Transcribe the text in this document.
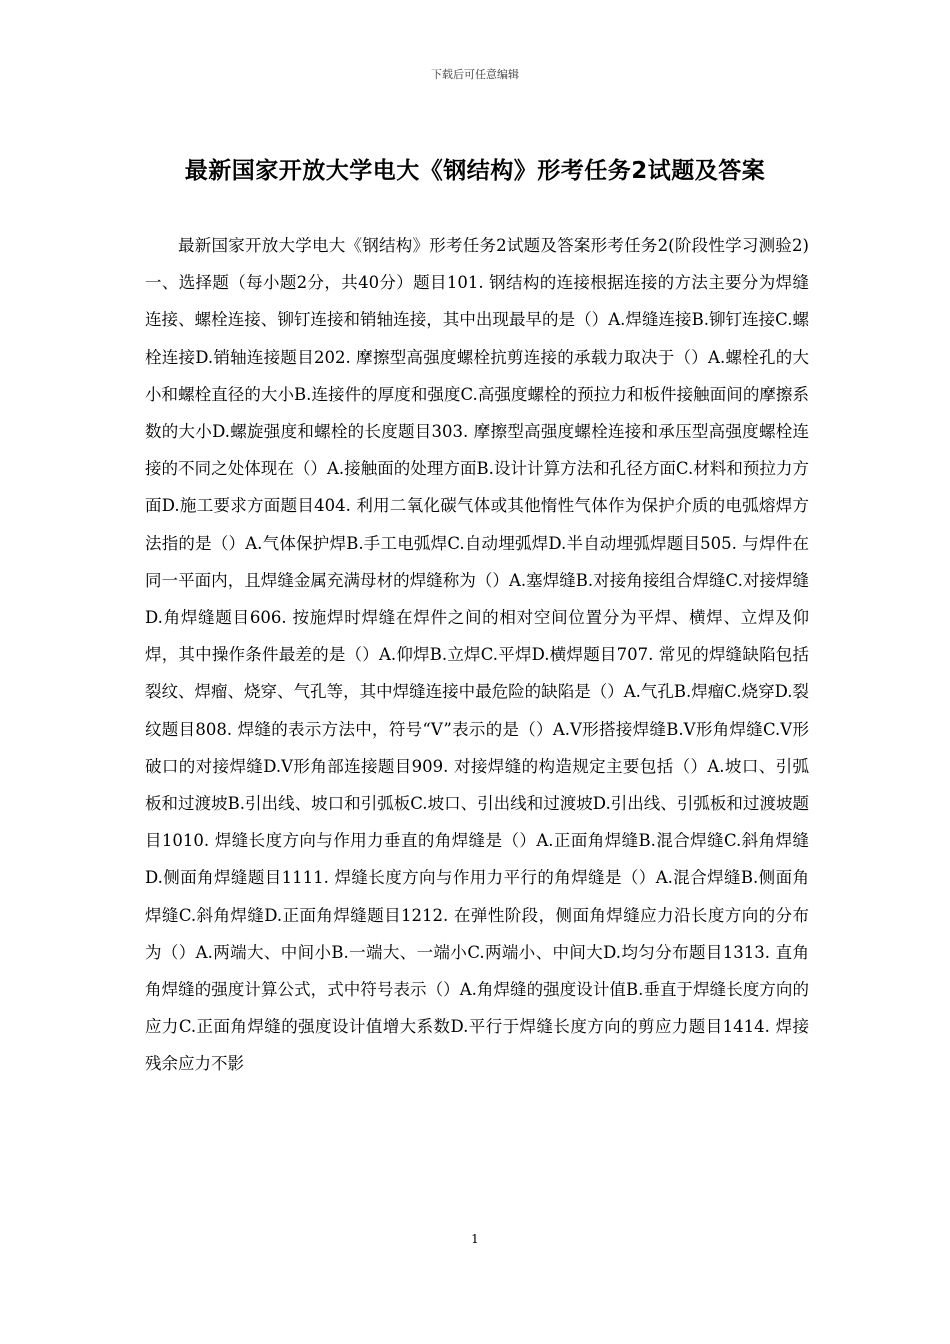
下载后可任意编辑
最新国家开放大学电大《钢结构》形考任务2试题及答案

最新国家开放大学电大《钢结构》形考任务2试题及答案形考任务2(阶段性学习测验2)一、选择题（每小题2分，共40分）题目101. 钢结构的连接根据连接的方法主要分为焊缝连接、螺栓连接、铆钉连接和销轴连接，其中出现最早的是（）A.焊缝连接B.铆钉连接C.螺栓连接D.销轴连接题目202. 摩擦型高强度螺栓抗剪连接的承载力取决于（）A.螺栓孔的大小和螺栓直径的大小B.连接件的厚度和强度C.高强度螺栓的预拉力和板件接触面间的摩擦系数的大小D.螺旋强度和螺栓的长度题目303. 摩擦型高强度螺栓连接和承压型高强度螺栓连接的不同之处体现在（）A.接触面的处理方面B.设计计算方法和孔径方面C.材料和预拉力方面D.施工要求方面题目404. 利用二氧化碳气体或其他惰性气体作为保护介质的电弧熔焊方法指的是（）A.气体保护焊B.手工电弧焊C.自动埋弧焊D.半自动埋弧焊题目505. 与焊件在同一平面内，且焊缝金属充满母材的焊缝称为（）A.塞焊缝B.对接角接组合焊缝C.对接焊缝D.角焊缝题目606. 按施焊时焊缝在焊件之间的相对空间位置分为平焊、横焊、立焊及仰焊，其中操作条件最差的是（）A.仰焊B.立焊C.平焊D.横焊题目707. 常见的焊缝缺陷包括裂纹、焊瘤、烧穿、气孔等，其中焊缝连接中最危险的缺陷是（）A.气孔B.焊瘤C.烧穿D.裂纹题目808. 焊缝的表示方法中，符号“V”表示的是（）A.V形搭接焊缝B.V形角焊缝C.V形破口的对接焊缝D.V形角部连接题目909. 对接焊缝的构造规定主要包括（）A.坡口、引弧板和过渡坡B.引出线、坡口和引弧板C.坡口、引出线和过渡坡D.引出线、引弧板和过渡坡题目1010. 焊缝长度方向与作用力垂直的角焊缝是（）A.正面角焊缝B.混合焊缝C.斜角焊缝D.侧面角焊缝题目1111. 焊缝长度方向与作用力平行的角焊缝是（）A.混合焊缝B.侧面角焊缝C.斜角焊缝D.正面角焊缝题目1212. 在弹性阶段，侧面角焊缝应力沿长度方向的分布为（）A.两端大、中间小B.一端大、一端小C.两端小、中间大D.均匀分布题目1313. 直角角焊缝的强度计算公式，式中符号表示（）A.角焊缝的强度设计值B.垂直于焊缝长度方向的应力C.正面角焊缝的强度设计值增大系数D.平行于焊缝长度方向的剪应力题目1414. 焊接残余应力不影

1
